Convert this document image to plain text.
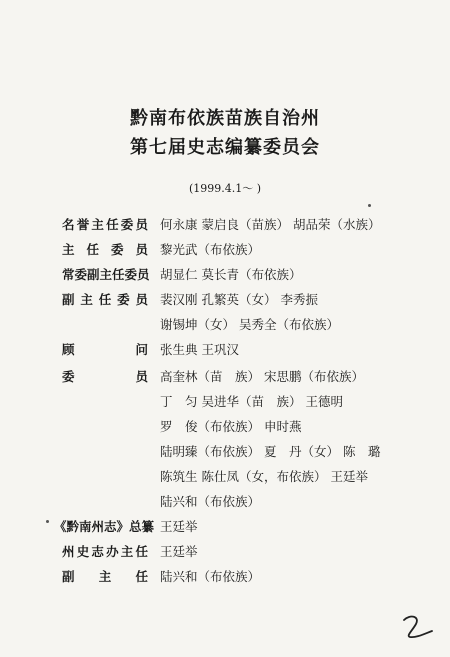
黔南布依族苗族自治州
第七届史志编纂委员会
(1999.4.1～ )
名誉主任委员 何永康 蒙启良（苗族） 胡品荣（水族）
主任委员 黎光武（布依族）
常委副主任委员 胡显仁 莫长青（布依族）
副主任委员 裴汉刚 孔繁英（女） 李秀振
谢锡坤（女） 吴秀全（布依族）
顾问 张生典 王巩汉
委员 高奎林（苗　族） 宋思鹏（布依族）
丁　匀 吴进华（苗　族） 王德明
罗　俊（布依族） 申时燕
陆明臻（布依族） 夏　丹（女） 陈　璐
陈筑生 陈仕凤（女，布依族） 王廷举
陆兴和（布依族）
《黔南州志》总纂 王廷举
州史志办主任 王廷举
副主任 陆兴和（布依族）
